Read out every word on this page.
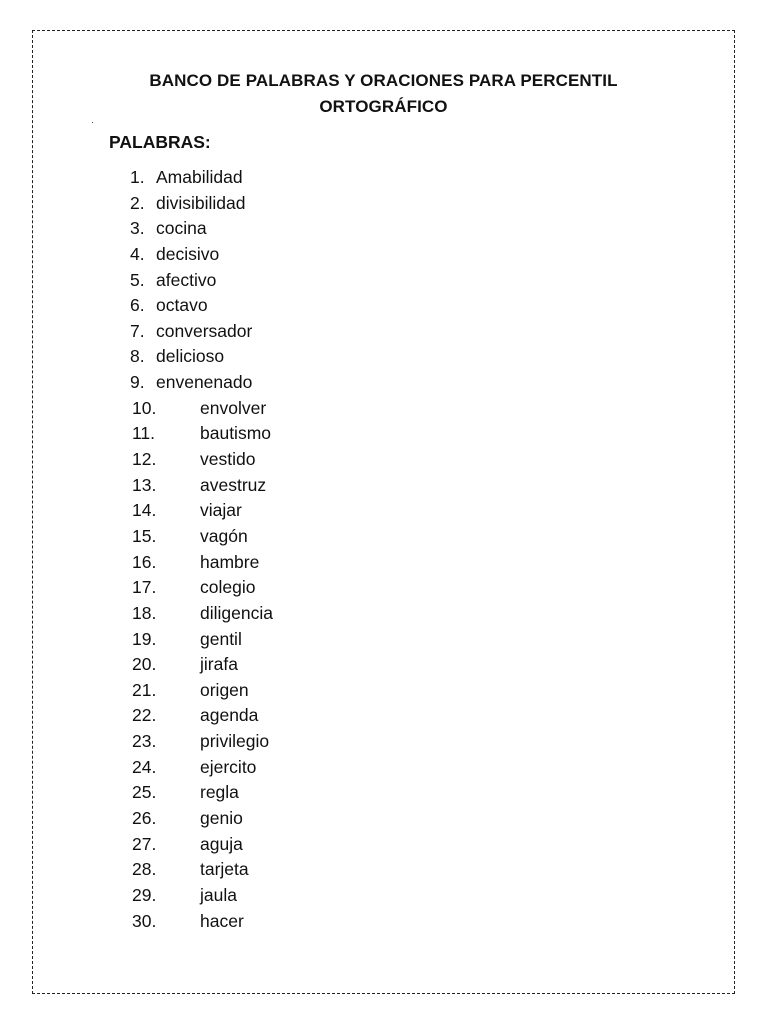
BANCO DE PALABRAS Y ORACIONES PARA PERCENTIL
ORTOGRÁFICO
PALABRAS:
1. Amabilidad
2. divisibilidad
3. cocina
4. decisivo
5. afectivo
6. octavo
7. conversador
8. delicioso
9. envenenado
10. envolver
11.	bautismo
12. vestido
13. avestruz
14. viajar
15. vagón
16. hambre
17. colegio
18. diligencia
19. gentil
20. jirafa
21. origen
22. agenda
23. privilegio
24. ejercito
25. regla
26. genio
27. aguja
28. tarjeta
29. jaula
30. hacer
